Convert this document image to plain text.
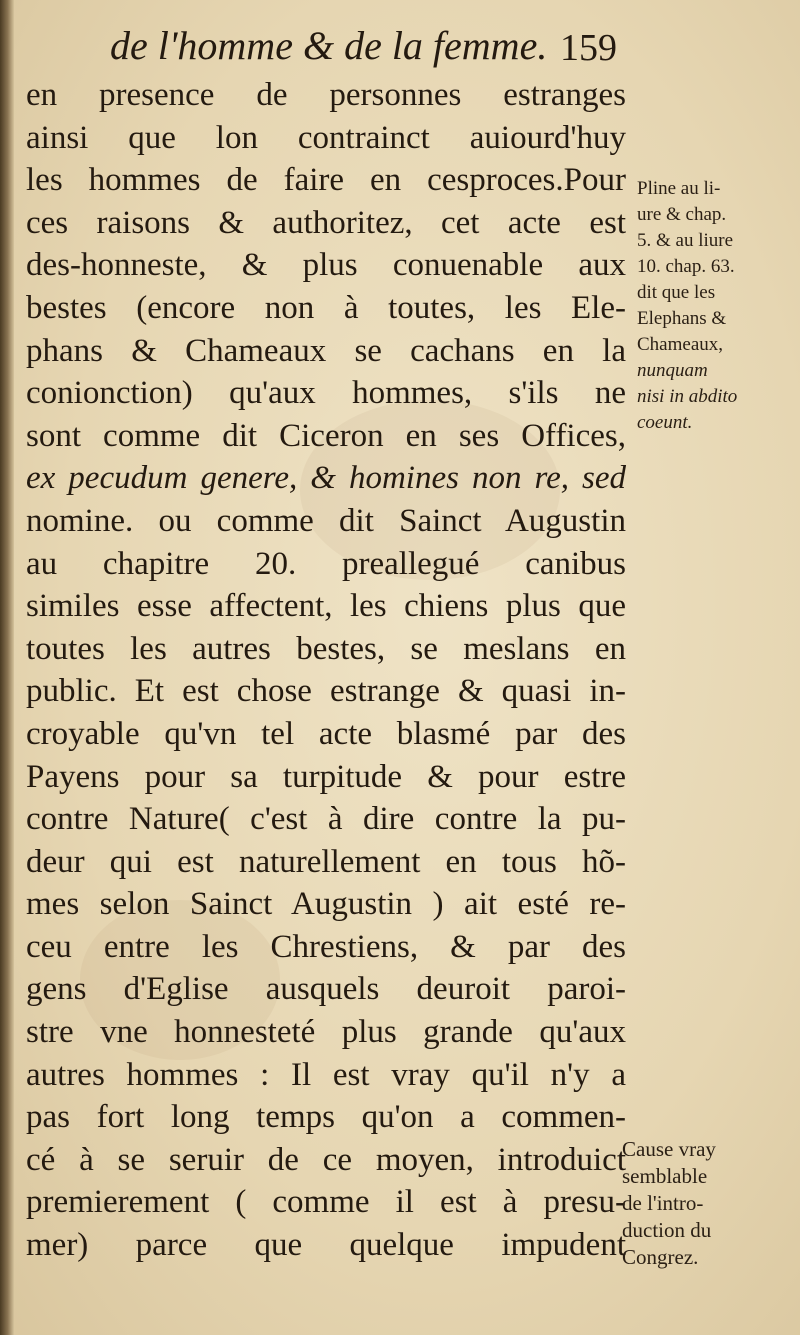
de l'homme & de la femme. 159
en presence de personnes estranges
ainsi que lon contrainct auiourd'huy
les hommes de faire en cesproces.Pour
ces raisons & authoritez, cet acte est
des-honneste, & plus conuenable aux
bestes (encore non à toutes, les Ele-
phans & Chameaux se cachans en la
conionction) qu'aux hommes, s'ils ne
sont comme dit Ciceron en ses Offices,
ex pecudum genere, & homines non re, sed
nomine. ou comme dit Sainct Augustin
au chapitre 20. preallegué canibus
similes esse affectent, les chiens plus que
toutes les autres bestes, se meslans en
public. Et est chose estrange & quasi in-
croyable qu'vn tel acte blasmé par des
Payens pour sa turpitude & pour estre
contre Nature( c'est à dire contre la pu-
deur qui est naturellement en tous hõ-
mes selon Sainct Augustin ) ait esté re-
ceu entre les Chrestiens, & par des
gens d'Eglise ausquels deuroit paroi-
stre vne honnesteté plus grande qu'aux
autres hommes : Il est vray qu'il n'y a
pas fort long temps qu'on a commen-
cé à se seruir de ce moyen, introduict
premierement ( comme il est à presu-
mer) parce que quelque impudent
Pline au li-
ure & chap.
5. & au liure
10. chap. 63.
dit que les
Elephans &
Chameaux,
nunquam
nisi in abdito
coeunt.
Cause vray
semblable
de l'intro-
duction du
Congrez.
